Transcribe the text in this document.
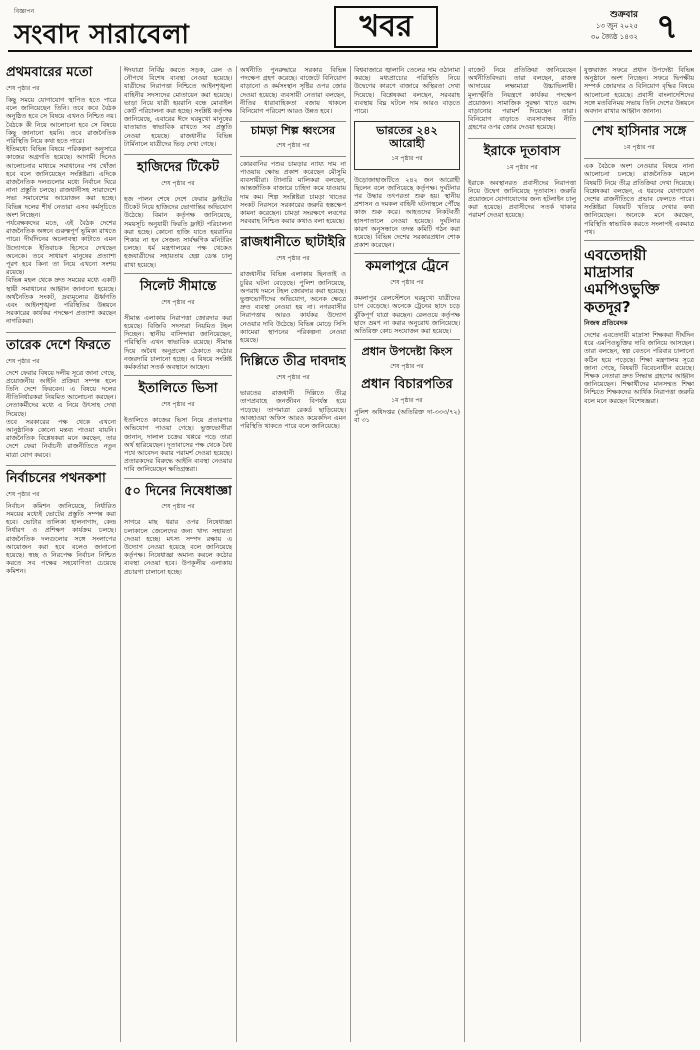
বিজ্ঞাপন
সংবাদ সারাবেলা	খবর	শুক্রবার
১৩ জুন ২০২৫
৩০ জ্যৈষ্ঠ ১৪৩২ ৭
প্রথমবারের মতো
শেষ পৃষ্ঠার পর
কিছু সময়ে যোগাযোগ স্থাপিত হতে পারে বলে জানিয়েছেন তিনি। তবে কবে বৈঠক অনুষ্ঠিত হবে সে বিষয়ে এখনও নিশ্চিত নয়। বৈঠকে কী নিয়ে আলোচনা হবে সে বিষয়ে কিছু জানানো হয়নি। তবে রাজনৈতিক পরিস্থিতি নিয়ে কথা হতে পারে।
ইতিমধ্যে বিভিন্ন বিষয়ে পরিকল্পনা অনুসারে কাজের অগ্রগতি হয়েছে। আগামী দিনেও আলোচনার মাধ্যমে সমাধানের পথ খোঁজা হবে বলে জানিয়েছেন সংশ্লিষ্টরা। এদিকে রাজনৈতিক দলগুলোর মধ্যে নির্বাচন ঘিরে নানা প্রস্তুতি চলছে। রাজধানীসহ সারাদেশে সভা সমাবেশের আয়োজন করা হচ্ছে। বিভিন্ন দলের শীর্ষ নেতারা এসব কর্মসূচিতে অংশ নিচ্ছেন।
পর্যবেক্ষকদের মতে, এই বৈঠক দেশের রাজনৈতিক অঙ্গনে গুরুত্বপূর্ণ ভূমিকা রাখতে পারে। দীর্ঘদিনের অচলাবস্থা কাটাতে এমন উদ্যোগকে ইতিবাচক হিসেবে দেখছেন অনেকে। তবে সাধারণ মানুষের প্রত্যাশা পূরণ হবে কিনা তা নিয়ে এখনো সংশয় রয়েছে।
বিভিন্ন মহল থেকে দ্রুত সময়ের মধ্যে একটি স্থায়ী সমাধানের আহ্বান জানানো হয়েছে। অর্থনৈতিক সংকট, দ্রব্যমূল্যের ঊর্ধ্বগতি এবং আইনশৃঙ্খলা পরিস্থিতির উন্নয়নে সরকারের কার্যকর পদক্ষেপ প্রত্যাশা করছেন নাগরিকরা।
তারেক দেশে ফিরতে
শেষ পৃষ্ঠার পর
দেশে ফেরার বিষয়ে দলীয় সূত্রে জানা গেছে, প্রয়োজনীয় আইনি প্রক্রিয়া সম্পন্ন হলে তিনি দেশে ফিরবেন। এ বিষয়ে দলের নীতিনির্ধারকরা নিয়মিত আলোচনা করছেন। নেতাকর্মীদের মধ্যে এ নিয়ে উৎসাহ দেখা দিয়েছে।
তবে সরকারের পক্ষ থেকে এখনো আনুষ্ঠানিক কোনো মন্তব্য পাওয়া যায়নি। রাজনৈতিক বিশ্লেষকরা মনে করছেন, তার দেশে ফেরা নির্বাচনী রাজনীতিতে নতুন মাত্রা যোগ করবে।
নির্বাচনের পথনকশা
শেষ পৃষ্ঠার পর
নির্বাচন কমিশন জানিয়েছে, নির্ধারিত সময়ের মধ্যেই ভোটের প্রস্তুতি সম্পন্ন করা হবে। ভোটার তালিকা হালনাগাদ, কেন্দ্র নির্ধারণ ও প্রশিক্ষণ কার্যক্রম চলছে। রাজনৈতিক দলগুলোর সঙ্গে সংলাপের আয়োজন করা হবে বলেও জানানো হয়েছে। স্বচ্ছ ও নিরপেক্ষ নির্বাচন নিশ্চিত করতে সব পক্ষের সহযোগিতা চেয়েছে কমিশন।
ঈদযাত্রা নির্বিঘ্ন করতে সড়ক, রেল ও নৌপথে বিশেষ ব্যবস্থা নেওয়া হয়েছে। যাত্রীদের নিরাপত্তা নিশ্চিতে আইনশৃঙ্খলা বাহিনীর সদস্যদের মোতায়েন করা হয়েছে। ভাড়া নিয়ে যাত্রী হয়রানি বন্ধে মোবাইল কোর্ট পরিচালনা করা হচ্ছে। সংশ্লিষ্ট কর্তৃপক্ষ জানিয়েছে, এবারের ঈদে ঘরমুখো মানুষের যাতায়াত স্বাভাবিক রাখতে সব প্রস্তুতি নেওয়া হয়েছে। রাজধানীর বিভিন্ন টার্মিনালে যাত্রীদের ভিড় দেখা গেছে।
হাজিদের টিকেট
শেষ পৃষ্ঠার পর
হজ পালন শেষে দেশে ফেরার ফ্লাইটের টিকেট নিয়ে হাজিদের ভোগান্তির অভিযোগ উঠেছে। বিমান কর্তৃপক্ষ জানিয়েছে, সময়সূচি অনুযায়ী ফিরতি ফ্লাইট পরিচালনা করা হচ্ছে। কোনো হাজি যাতে হয়রানির শিকার না হন সেজন্য সার্বক্ষণিক মনিটরিং চলছে। ধর্ম মন্ত্রণালয়ের পক্ষ থেকেও হজযাত্রীদের সহায়তায় হেল্প ডেস্ক চালু রাখা হয়েছে।
সিলেট সীমান্তে
শেষ পৃষ্ঠার পর
সীমান্ত এলাকায় নিরাপত্তা জোরদার করা হয়েছে। বিজিবি সদস্যরা নিয়মিত টহল দিচ্ছেন। স্থানীয় বাসিন্দারা জানিয়েছেন, পরিস্থিতি এখন স্বাভাবিক রয়েছে। সীমান্ত দিয়ে অবৈধ অনুপ্রবেশ ঠেকাতে কঠোর নজরদারি চালানো হচ্ছে। এ বিষয়ে সংশ্লিষ্ট কর্মকর্তারা সতর্ক অবস্থানে আছেন।
ইতালিতে ভিসা
শেষ পৃষ্ঠার পর
ইতালিতে কাজের ভিসা নিয়ে প্রতারণার অভিযোগ পাওয়া গেছে। ভুক্তভোগীরা জানান, দালাল চক্রের খপ্পরে পড়ে তারা অর্থ হারিয়েছেন। দূতাবাসের পক্ষ থেকে বৈধ পথে আবেদন করার পরামর্শ দেওয়া হয়েছে। প্রতারকদের বিরুদ্ধে আইনি ব্যবস্থা নেওয়ার দাবি জানিয়েছেন ক্ষতিগ্রস্তরা।
৫০ দিনের নিষেধাজ্ঞা
শেষ পৃষ্ঠার পর
সাগরে মাছ ধরার ওপর নিষেধাজ্ঞা চলাকালে জেলেদের জন্য খাদ্য সহায়তা দেওয়া হচ্ছে। মৎস্য সম্পদ রক্ষায় এ উদ্যোগ নেওয়া হয়েছে বলে জানিয়েছে কর্তৃপক্ষ। নিষেধাজ্ঞা অমান্য করলে কঠোর ব্যবস্থা নেওয়া হবে। উপকূলীয় এলাকায় প্রচারণা চালানো হচ্ছে।
অর্থনীতি পুনরুদ্ধারে সরকার বিভিন্ন পদক্ষেপ গ্রহণ করেছে। বাজেটে বিনিয়োগ বাড়ানো ও কর্মসংস্থান সৃষ্টির ওপর জোর দেওয়া হয়েছে। ব্যবসায়ী নেতারা বলছেন, নীতির ধারাবাহিকতা বজায় থাকলে বিনিয়োগ পরিবেশ আরও উন্নত হবে।
চামড়া শিল্প ধ্বংসের
শেষ পৃষ্ঠার পর
কোরবানির পশুর চামড়ার ন্যায্য দাম না পাওয়ায় ক্ষোভ প্রকাশ করেছেন মৌসুমি ব্যবসায়ীরা। ট্যানারি মালিকরা বলছেন, আন্তর্জাতিক বাজারে চাহিদা কমে যাওয়ায় দাম কম। শিল্প সংশ্লিষ্টরা চামড়া খাতের সংকট নিরসনে সরকারের জরুরি হস্তক্ষেপ কামনা করেছেন। চামড়া সংরক্ষণে লবণের সরবরাহ নিশ্চিত করার কথাও বলা হয়েছে।
রাজধানীতে ছাটাইরি
শেষ পৃষ্ঠার পর
রাজধানীর বিভিন্ন এলাকায় ছিনতাই ও চুরির ঘটনা বেড়েছে। পুলিশ জানিয়েছে, অপরাধ দমনে টহল জোরদার করা হয়েছে। ভুক্তভোগীদের অভিযোগ, অনেক ক্ষেত্রে দ্রুত ব্যবস্থা নেওয়া হয় না। নগরবাসীর নিরাপত্তায় আরও কার্যকর উদ্যোগ নেওয়ার দাবি উঠেছে। বিভিন্ন মোড়ে সিসি ক্যামেরা স্থাপনের পরিকল্পনা নেওয়া হয়েছে।
দিল্লিতে তীব্র দাবদাহ
শেষ পৃষ্ঠার পর
ভারতের রাজধানী দিল্লিতে তীব্র তাপপ্রবাহে জনজীবন বিপর্যস্ত হয়ে পড়েছে। তাপমাত্রা রেকর্ড ছাড়িয়েছে। আবহাওয়া অফিস আরও কয়েকদিন এমন পরিস্থিতি থাকতে পারে বলে জানিয়েছে।
বিশ্ববাজারে জ্বালানি তেলের দাম ওঠানামা করছে। মধ্যপ্রাচ্যের পরিস্থিতি নিয়ে উদ্বেগের কারণে বাজারে অস্থিরতা দেখা দিয়েছে। বিশ্লেষকরা বলছেন, সরবরাহ ব্যবস্থায় বিঘ্ন ঘটলে দাম আরও বাড়তে পারে।
ভারতের ২৪২ আরোহী
১ম পৃষ্ঠার পর
উড়োজাহাজটিতে ২৪২ জন আরোহী ছিলেন বলে জানিয়েছে কর্তৃপক্ষ। দুর্ঘটনার পর উদ্ধার তৎপরতা শুরু হয়। স্থানীয় প্রশাসন ও দমকল বাহিনী ঘটনাস্থলে পৌঁছে কাজ শুরু করে। আহতদের নিকটবর্তী হাসপাতালে নেওয়া হয়েছে। দুর্ঘটনার কারণ অনুসন্ধানে তদন্ত কমিটি গঠন করা হয়েছে। বিভিন্ন দেশের সরকারপ্রধান শোক প্রকাশ করেছেন।
কমলাপুরে ট্রেনে
শেষ পৃষ্ঠার পর
কমলাপুর রেলস্টেশনে ঘরমুখো যাত্রীদের চাপ বেড়েছে। অনেকে ট্রেনের ছাদে চড়ে ঝুঁকিপূর্ণ যাত্রা করছেন। রেলওয়ে কর্তৃপক্ষ ছাদে ভ্রমণ না করার অনুরোধ জানিয়েছে। অতিরিক্ত কোচ সংযোজন করা হয়েছে।
প্রধান উপদেষ্টা কিংস
শেষ পৃষ্ঠার পর
প্রধান বিচারপতির
১ম পৃষ্ঠার পর
পুলিশ অধিদপ্তর (অতিরিক্ত দা-৩৩৩/৭২) বা ৩১
বাজেট নিয়ে প্রতিক্রিয়া জানিয়েছেন অর্থনীতিবিদরা। তারা বলছেন, রাজস্ব আদায়ের লক্ষ্যমাত্রা উচ্চাভিলাষী। মূল্যস্ফীতি নিয়ন্ত্রণে কার্যকর পদক্ষেপ প্রয়োজন। সামাজিক সুরক্ষা খাতে বরাদ্দ বাড়ানোর পরামর্শ দিয়েছেন তারা। বিনিয়োগ বাড়াতে ব্যবসাবান্ধব নীতি গ্রহণের ওপর জোর দেওয়া হয়েছে।
ইরাকে দূতাবাস
১ম পৃষ্ঠার পর
ইরাকে অবস্থানরত প্রবাসীদের নিরাপত্তা নিয়ে উদ্বেগ জানিয়েছে দূতাবাস। জরুরি প্রয়োজনে যোগাযোগের জন্য হটলাইন চালু করা হয়েছে। প্রবাসীদের সতর্ক থাকার পরামর্শ দেওয়া হয়েছে।
যুক্তরাজ্য সফরে প্রধান উপদেষ্টা বিভিন্ন অনুষ্ঠানে অংশ নিচ্ছেন। সফরে দ্বিপক্ষীয় সম্পর্ক জোরদার ও বিনিয়োগ বৃদ্ধির বিষয়ে আলোচনা হয়েছে। প্রবাসী বাংলাদেশিদের সঙ্গে মতবিনিময় সভায় তিনি দেশের উন্নয়নে অবদান রাখার আহ্বান জানান।
শেখ হাসিনার সঙ্গে
১ম পৃষ্ঠার পর
এক বৈঠকে অংশ নেওয়ার বিষয়ে নানা আলোচনা চলছে। রাজনৈতিক মহলে বিষয়টি নিয়ে তীব্র প্রতিক্রিয়া দেখা দিয়েছে। বিশ্লেষকরা বলছেন, এ ধরনের যোগাযোগ দেশের রাজনীতিতে প্রভাব ফেলতে পারে। সংশ্লিষ্টরা বিষয়টি খতিয়ে দেখার কথা জানিয়েছেন। অনেকে মনে করছেন, পরিস্থিতি স্বাভাবিক করতে সংলাপই একমাত্র পথ।
এবতেদায়ী মাদ্রাসার এমপিওভুক্তি কতদূর?
নিজস্ব প্রতিবেদক
দেশের এবতেদায়ী মাদ্রাসা শিক্ষকরা দীর্ঘদিন ধরে এমপিওভুক্তির দাবি জানিয়ে আসছেন। তারা বলছেন, স্বল্প বেতনে পরিবার চালানো কঠিন হয়ে পড়েছে। শিক্ষা মন্ত্রণালয় সূত্রে জানা গেছে, বিষয়টি বিবেচনাধীন রয়েছে। শিক্ষক নেতারা দ্রুত সিদ্ধান্ত গ্রহণের আহ্বান জানিয়েছেন। শিক্ষার্থীদের মানসম্মত শিক্ষা নিশ্চিতে শিক্ষকদের আর্থিক নিরাপত্তা জরুরি বলে মনে করছেন বিশেষজ্ঞরা।
